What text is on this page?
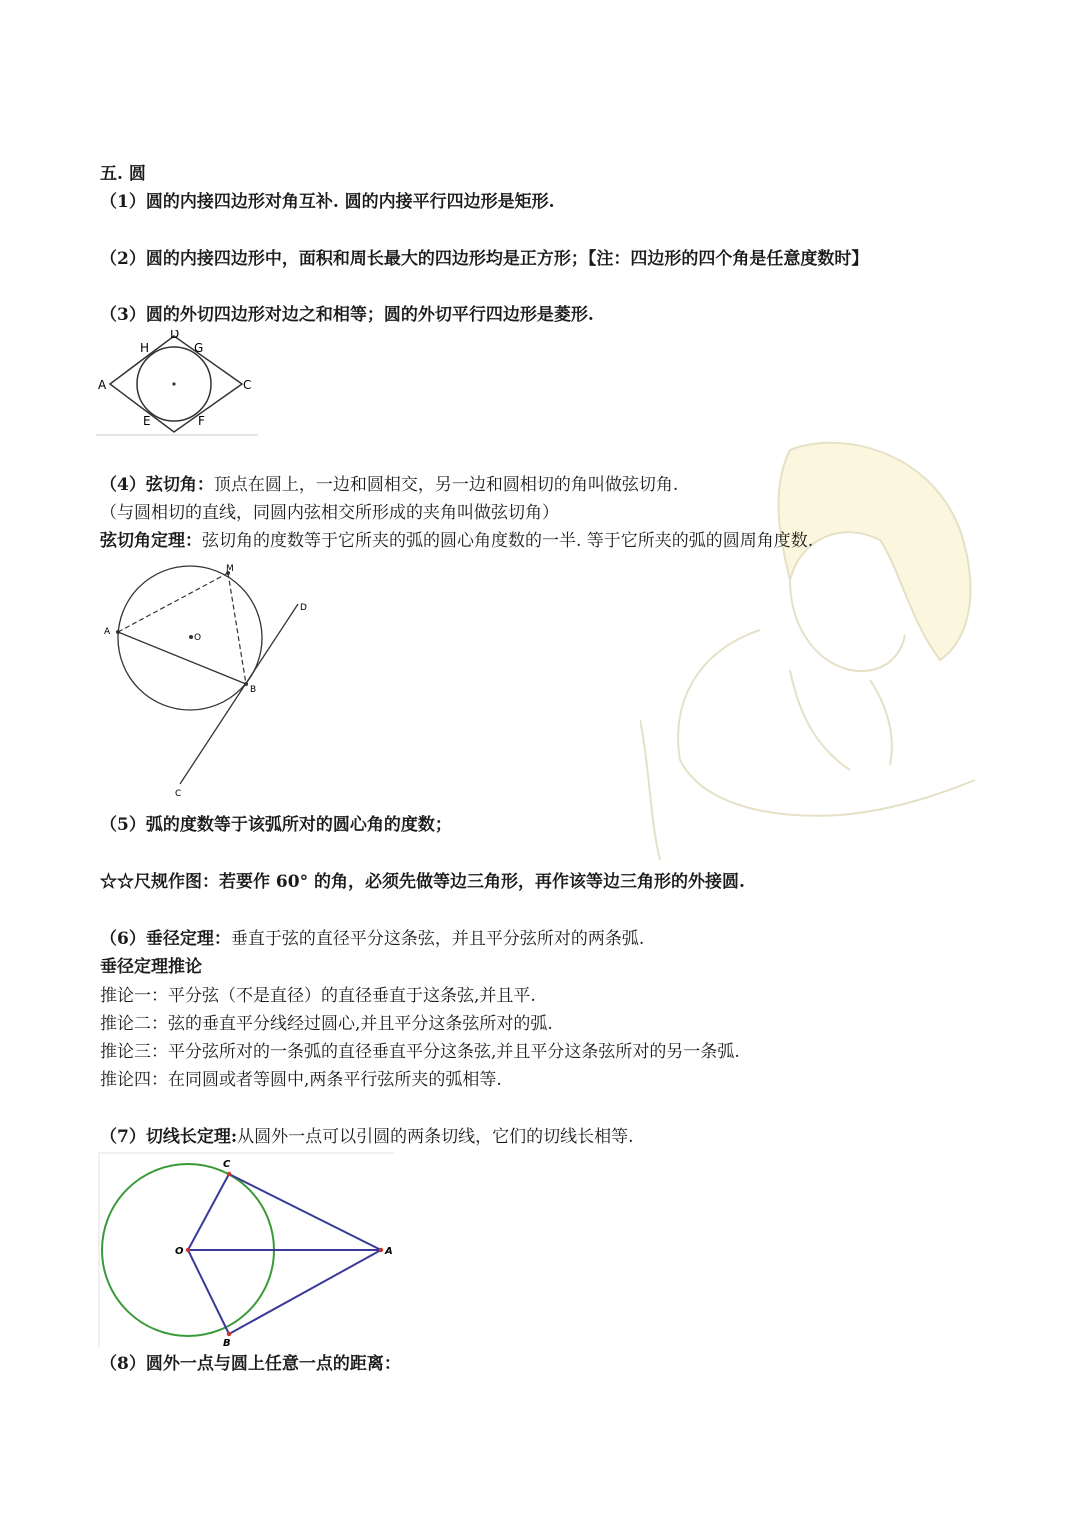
五. 圆
（1）圆的内接四边形对角互补. 圆的内接平行四边形是矩形.
（2）圆的内接四边形中，面积和周长最大的四边形均是正方形；【注：四边形的四个角是任意度数时】
（3）圆的外切四边形对边之和相等；圆的外切平行四边形是菱形.
D
H	G
A	C
E	F
（4）弦切角：顶点在圆上，一边和圆相交，另一边和圆相切的角叫做弦切角.
（与圆相切的直线，同圆内弦相交所形成的夹角叫做弦切角）
弦切角定理：弦切角的度数等于它所夹的弧的圆心角度数的一半. 等于它所夹的弧的圆周角度数.
M
D
A
O
B
C
（5）弧的度数等于该弧所对的圆心角的度数；
☆☆尺规作图：若要作 60° 的角，必须先做等边三角形，再作该等边三角形的外接圆.
（6）垂径定理：垂直于弦的直径平分这条弦，并且平分弦所对的两条弧.
垂径定理推论
推论一：平分弦（不是直径）的直径垂直于这条弦,并且平.
推论二：弦的垂直平分线经过圆心,并且平分这条弦所对的弧.
推论三：平分弦所对的一条弧的直径垂直平分这条弦,并且平分这条弦所对的另一条弧.
推论四：在同圆或者等圆中,两条平行弦所夹的弧相等.
（7）切线长定理:从圆外一点可以引圆的两条切线，它们的切线长相等.
C
O	A
B
（8）圆外一点与圆上任意一点的距离：
